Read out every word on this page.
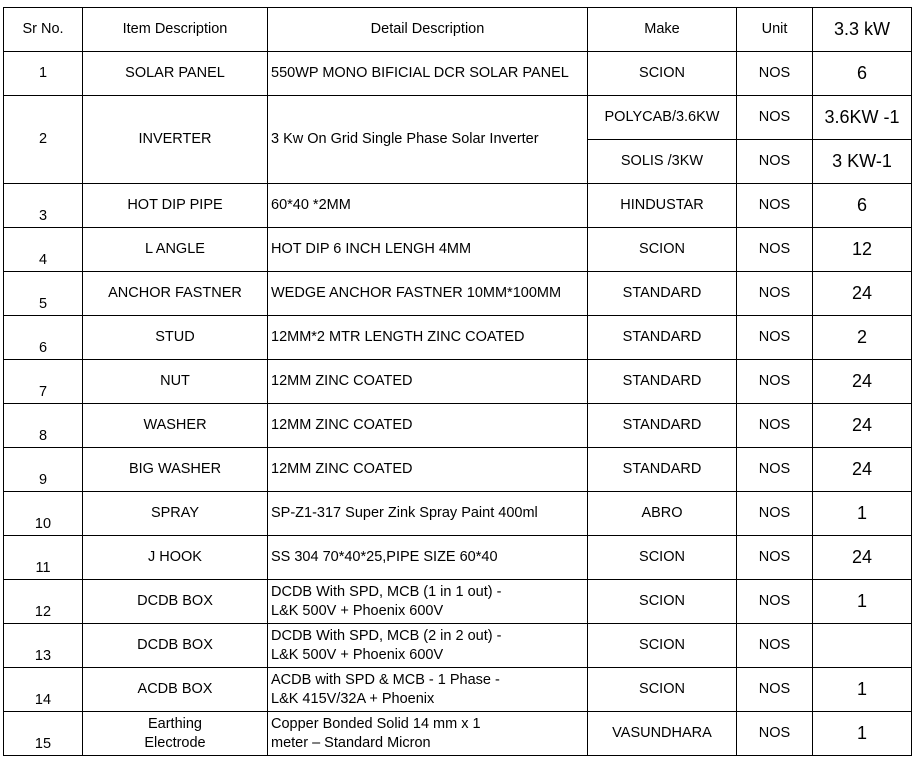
Sr No.	Item Description	Detail Description	Make	Unit	3.3 kW
1	SOLAR PANEL	550WP MONO BIFICIAL DCR SOLAR PANEL	SCION	NOS	6
2	INVERTER	3 Kw On Grid Single Phase Solar Inverter	POLYCAB/3.6KW	NOS	3.6KW -1
			SOLIS /3KW	NOS	3 KW-1
3	HOT DIP PIPE	60*40 *2MM	HINDUSTAR	NOS	6
4	L ANGLE	HOT DIP 6 INCH LENGH 4MM	SCION	NOS	12
5	ANCHOR FASTNER	WEDGE ANCHOR FASTNER 10MM*100MM	STANDARD	NOS	24
6	STUD	12MM*2 MTR LENGTH ZINC COATED	STANDARD	NOS	2
7	NUT	12MM ZINC COATED	STANDARD	NOS	24
8	WASHER	12MM ZINC COATED	STANDARD	NOS	24
9	BIG WASHER	12MM ZINC COATED	STANDARD	NOS	24
10	SPRAY	SP-Z1-317 Super Zink Spray Paint 400ml	ABRO	NOS	1
11	J HOOK	SS 304 70*40*25,PIPE SIZE 60*40	SCION	NOS	24
12	DCDB BOX	DCDB With SPD, MCB (1 in 1 out) -
L&K 500V + Phoenix 600V	SCION	NOS	1
13	DCDB BOX	DCDB With SPD, MCB (2 in 2 out) -
L&K 500V + Phoenix 600V	SCION	NOS	
14	ACDB BOX	ACDB with SPD & MCB - 1 Phase -
L&K 415V/32A + Phoenix	SCION	NOS	1
15	Earthing
Electrode	Copper Bonded Solid 14 mm x 1
meter – Standard Micron	VASUNDHARA	NOS	1
